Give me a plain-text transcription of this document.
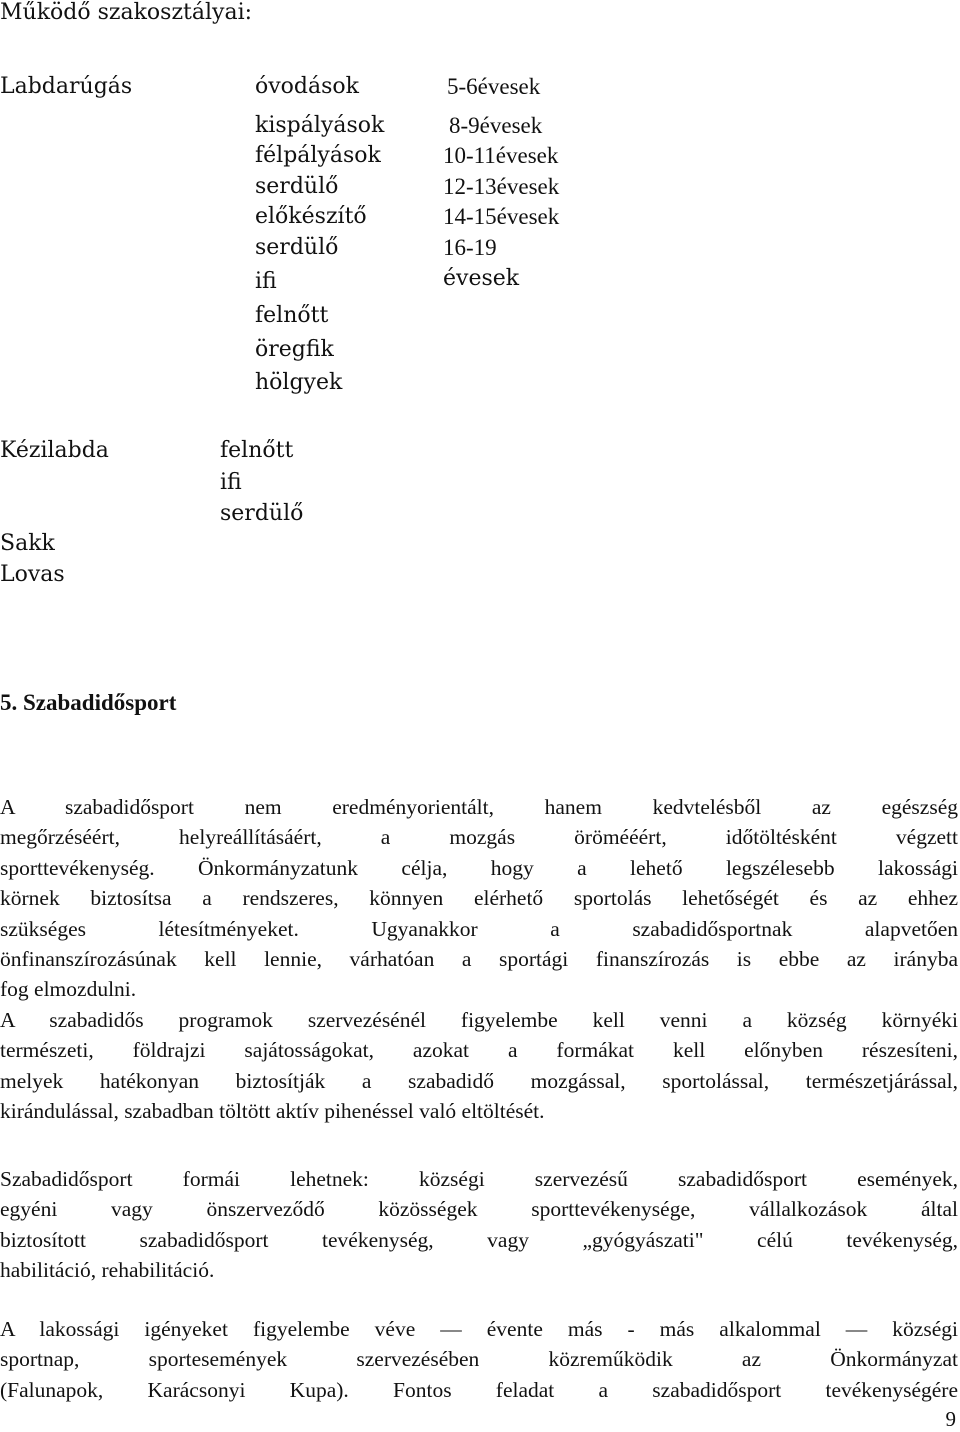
Működő szakosztályai:
Labdarúgás	óvodások
kispályások
félpályások
serdülő
előkészítő
serdülő
ifi
felnőtt
öregfik
hölgyek
5-6évesek
8-9évesek
10-11évesek
12-13évesek
14-15évesek
16-19
évesek
Kézilabda	felnőtt
ifi
serdülő
Sakk
Lovas
5. Szabadidősport
A szabadidősport nem eredményorientált, hanem kedvtelésből az egészség
megőrzéséért, helyreállításáért, a mozgás örömééért, időtöltésként végzett
sporttevékenység. Önkormányzatunk célja, hogy a lehető legszélesebb lakossági
körnek biztosítsa a rendszeres, könnyen elérhető sportolás lehetőségét és az ehhez
szükséges létesítményeket. Ugyanakkor a szabadidősportnak alapvetően
önfinanszírozásúnak kell lennie, várhatóan a sportági finanszírozás is ebbe az irányba
fog elmozdulni.
A szabadidős programok szervezésénél figyelembe kell venni a község környéki
természeti, földrajzi sajátosságokat, azokat a formákat kell előnyben részesíteni,
melyek hatékonyan biztosítják a szabadidő mozgással, sportolással, természetjárással,
kirándulással, szabadban töltött aktív pihenéssel való eltöltését.
Szabadidősport formái lehetnek: községi szervezésű szabadidősport események,
egyéni vagy önszerveződő közösségek sporttevékenysége, vállalkozások által
biztosított szabadidősport tevékenység, vagy „gyógyászati" célú tevékenység,
habilitáció, rehabilitáció.
A lakossági igényeket figyelembe véve — évente más - más alkalommal — községi
sportnap, sportesemények szervezésében közreműködik az Önkormányzat
(Falunapok, Karácsonyi Kupa). Fontos feladat a szabadidősport tevékenységére
9
